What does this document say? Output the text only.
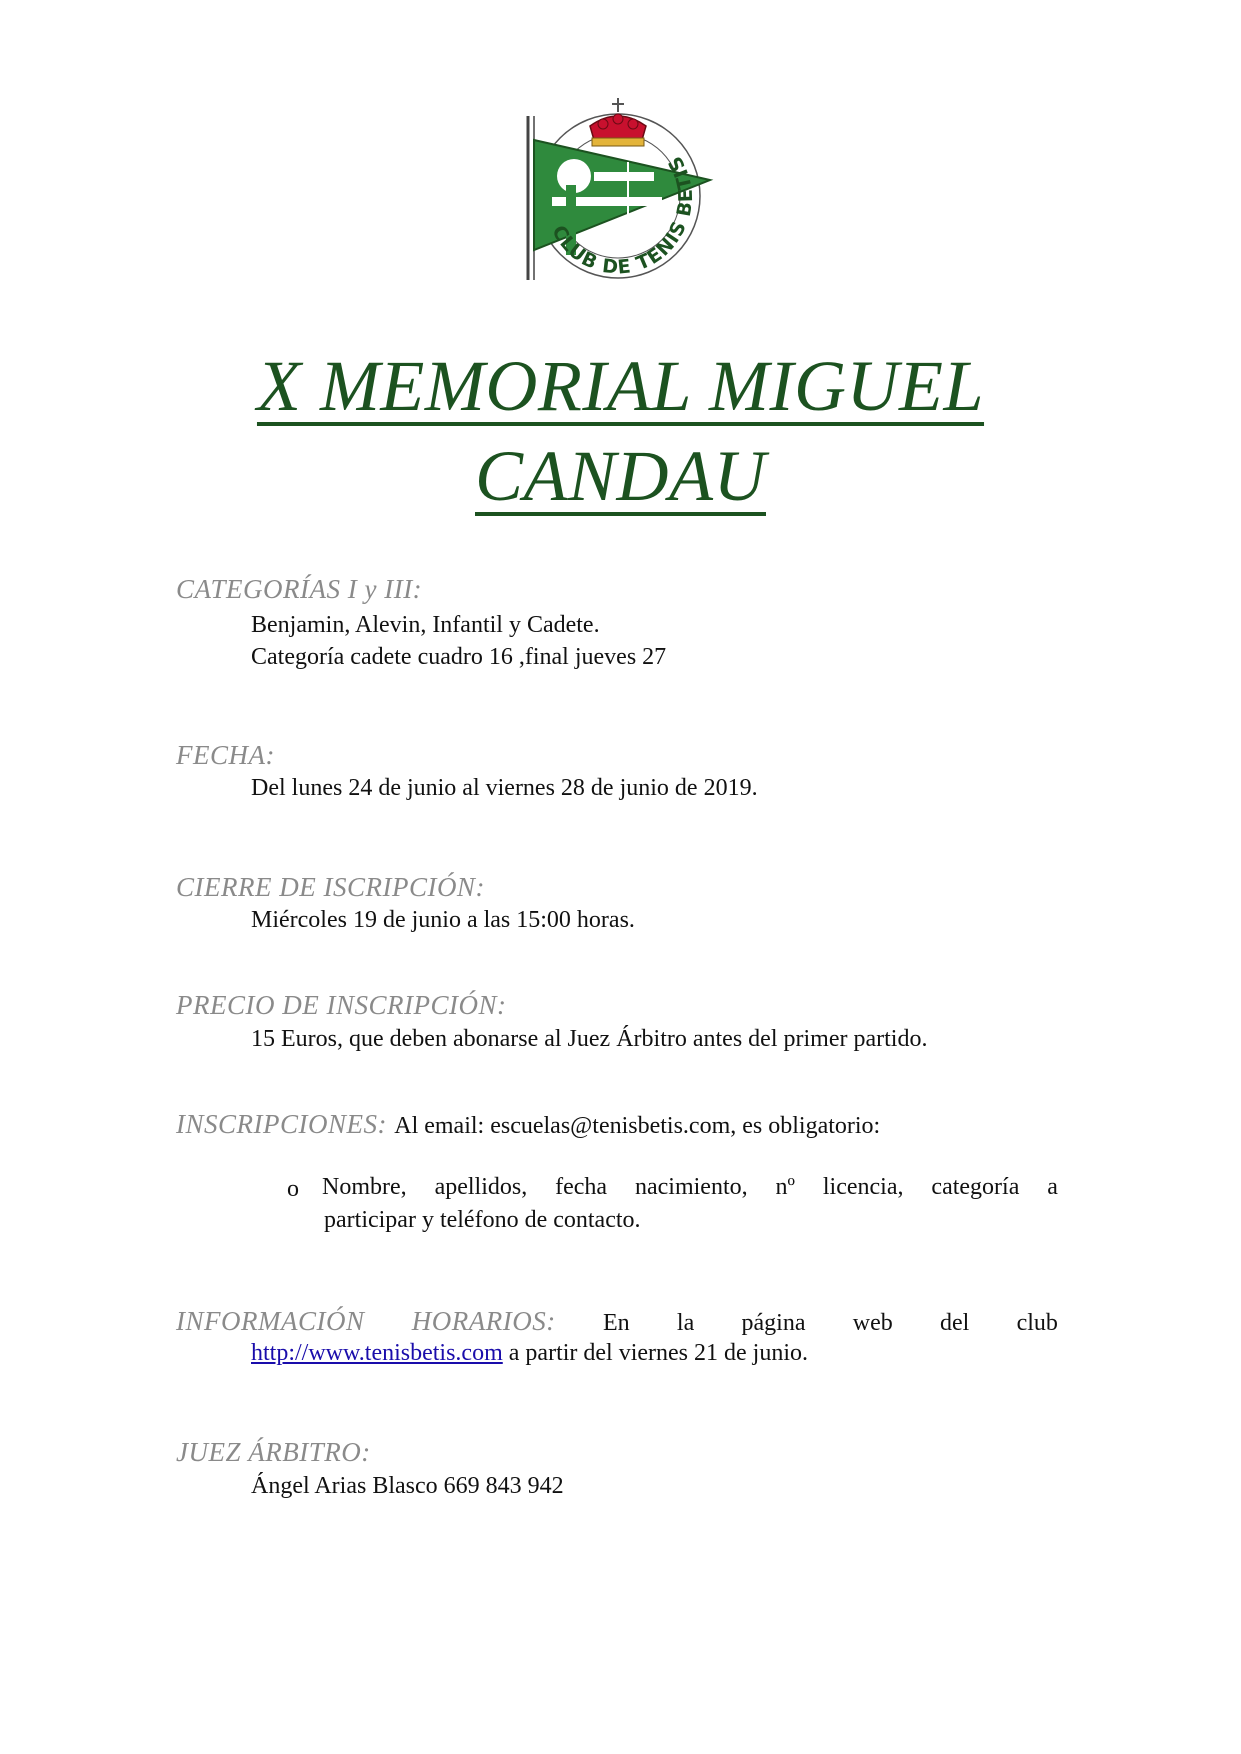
CLUB DE TENIS BETIS
X MEMORIAL MIGUEL
CANDAU
CATEGORÍAS I y III:
Benjamin, Alevin, Infantil y Cadete.
Categoría cadete cuadro 16 ,final jueves 27
FECHA:
Del lunes 24 de junio al viernes 28 de junio de 2019.
CIERRE DE ISCRIPCIÓN:
Miércoles 19 de junio a las 15:00 horas.
PRECIO DE INSCRIPCIÓN:
15 Euros, que deben abonarse al Juez Árbitro antes del primer partido.
INSCRIPCIONES: Al email: escuelas@tenisbetis.com, es obligatorio:
o Nombre, apellidos, fecha nacimiento, nº licencia, categoría a
participar y teléfono de contacto.
INFORMACIÓN HORARIOS: En la página web del club
http://www.tenisbetis.com a partir del viernes 21 de junio.
JUEZ ÁRBITRO:
Ángel Arias Blasco 669 843 942
